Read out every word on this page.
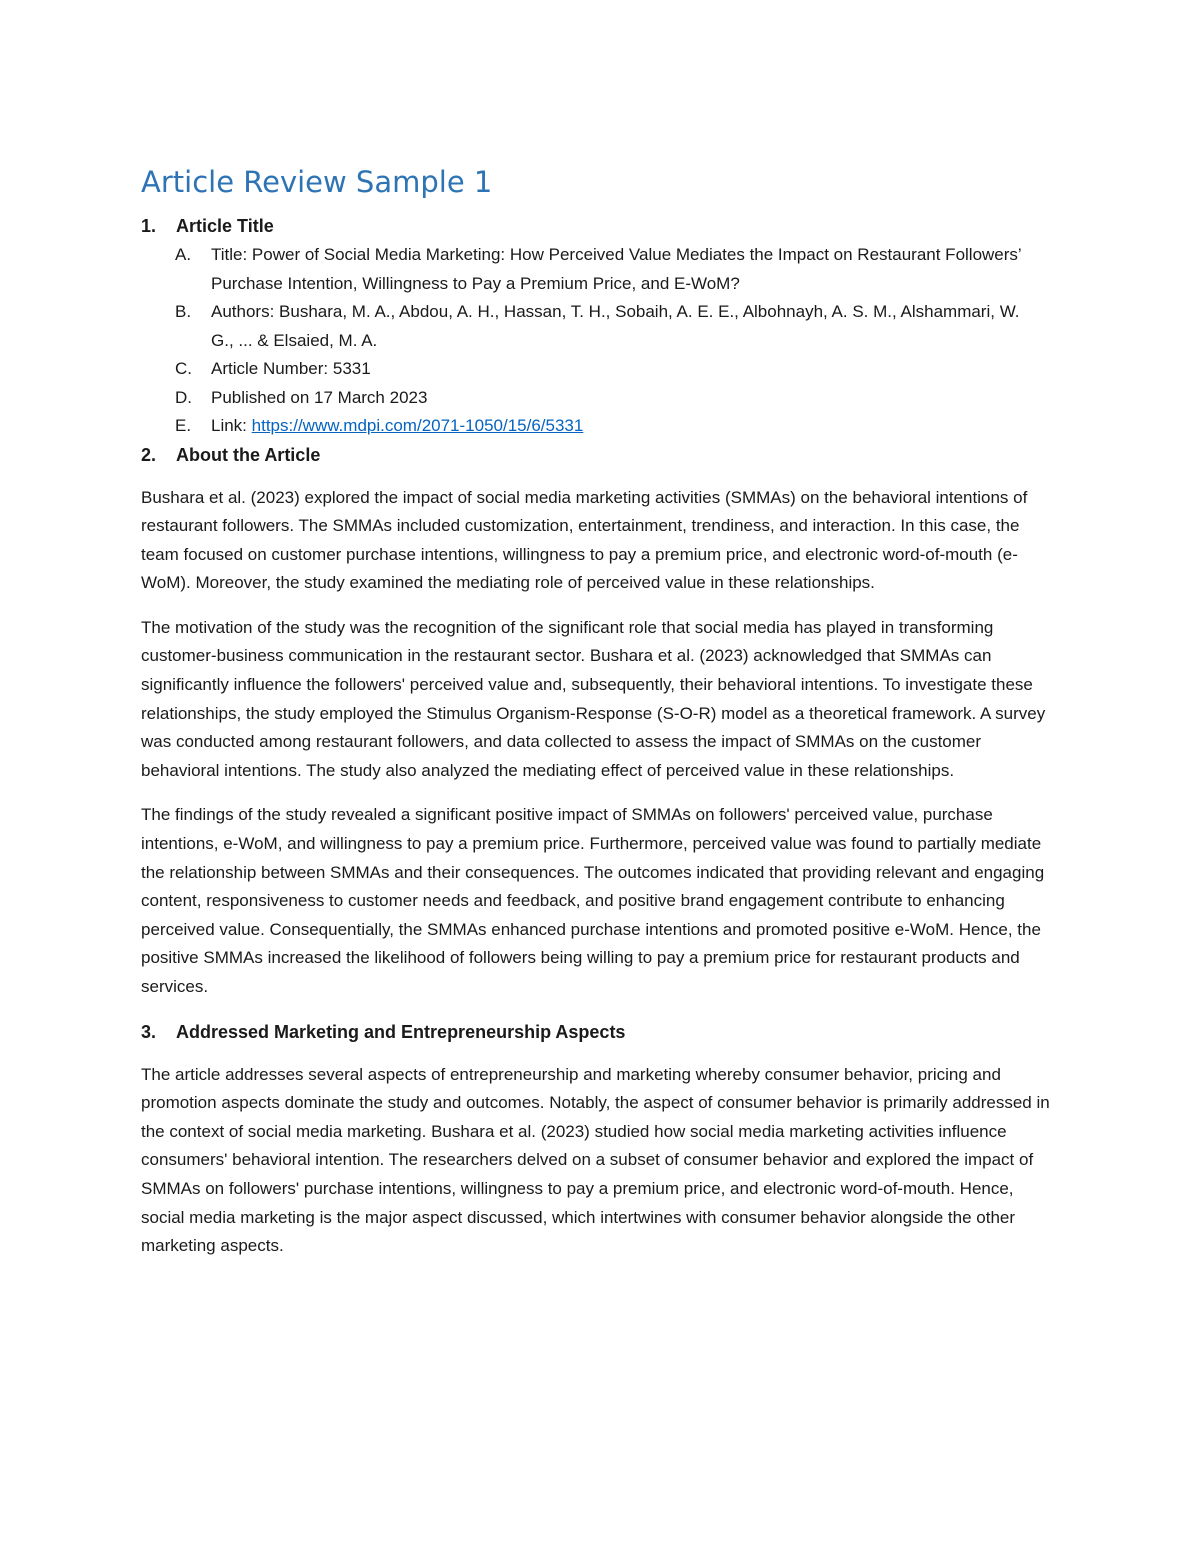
Article Review Sample 1
1.	Article Title
A.	Title: Power of Social Media Marketing: How Perceived Value Mediates the Impact on Restaurant Followers’ Purchase Intention, Willingness to Pay a Premium Price, and E-WoM?
B.	Authors: Bushara, M. A., Abdou, A. H., Hassan, T. H., Sobaih, A. E. E., Albohnayh, A. S. M., Alshammari, W. G., ... & Elsaied, M. A.
C.	Article Number: 5331
D.	Published on 17 March 2023
E.	Link: https://www.mdpi.com/2071-1050/15/6/5331
2.	About the Article

Bushara et al. (2023) explored the impact of social media marketing activities (SMMAs) on the behavioral intentions of restaurant followers. The SMMAs included customization, entertainment, trendiness, and interaction. In this case, the team focused on customer purchase intentions, willingness to pay a premium price, and electronic word-of-mouth (e-WoM). Moreover, the study examined the mediating role of perceived value in these relationships.

The motivation of the study was the recognition of the significant role that social media has played in transforming customer-business communication in the restaurant sector. Bushara et al. (2023) acknowledged that SMMAs can significantly influence the followers' perceived value and, subsequently, their behavioral intentions. To investigate these relationships, the study employed the Stimulus Organism-Response (S-O-R) model as a theoretical framework. A survey was conducted among restaurant followers, and data collected to assess the impact of SMMAs on the customer behavioral intentions. The study also analyzed the mediating effect of perceived value in these relationships.

The findings of the study revealed a significant positive impact of SMMAs on followers' perceived value, purchase intentions, e-WoM, and willingness to pay a premium price. Furthermore, perceived value was found to partially mediate the relationship between SMMAs and their consequences. The outcomes indicated that providing relevant and engaging content, responsiveness to customer needs and feedback, and positive brand engagement contribute to enhancing perceived value. Consequentially, the SMMAs enhanced purchase intentions and promoted positive e-WoM. Hence, the positive SMMAs increased the likelihood of followers being willing to pay a premium price for restaurant products and services.

3.	Addressed Marketing and Entrepreneurship Aspects

The article addresses several aspects of entrepreneurship and marketing whereby consumer behavior, pricing and promotion aspects dominate the study and outcomes. Notably, the aspect of consumer behavior is primarily addressed in the context of social media marketing. Bushara et al. (2023) studied how social media marketing activities influence consumers' behavioral intention. The researchers delved on a subset of consumer behavior and explored the impact of SMMAs on followers' purchase intentions, willingness to pay a premium price, and electronic word-of-mouth. Hence, social media marketing is the major aspect discussed, which intertwines with consumer behavior alongside the other marketing aspects.
